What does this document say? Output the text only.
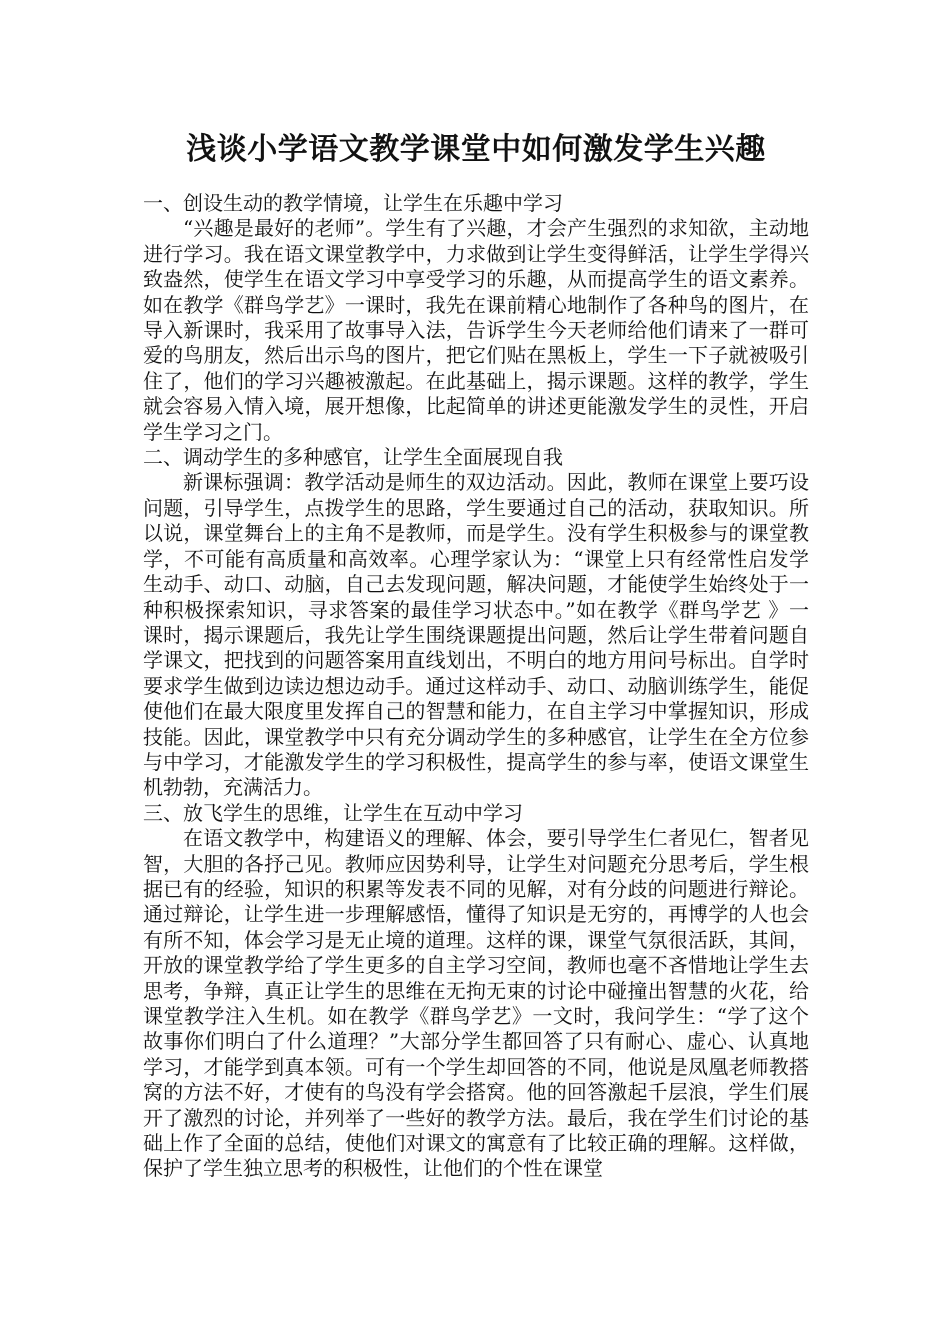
浅谈小学语文教学课堂中如何激发学生兴趣

一、创设生动的教学情境，让学生在乐趣中学习

“兴趣是最好的老师”。学生有了兴趣，才会产生强烈的求知欲，主动地进行学习。我在语文课堂教学中，力求做到让学生变得鲜活，让学生学得兴致盎然，使学生在语文学习中享受学习的乐趣，从而提高学生的语文素养。如在教学《群鸟学艺》一课时，我先在课前精心地制作了各种鸟的图片，在导入新课时，我采用了故事导入法，告诉学生今天老师给他们请来了一群可爱的鸟朋友，然后出示鸟的图片，把它们贴在黑板上，学生一下子就被吸引住了，他们的学习兴趣被激起。在此基础上，揭示课题。这样的教学，学生就会容易入情入境，展开想像，比起简单的讲述更能激发学生的灵性，开启学生学习之门。

二、调动学生的多种感官，让学生全面展现自我

新课标强调：教学活动是师生的双边活动。因此，教师在课堂上要巧设问题，引导学生，点拨学生的思路，学生要通过自己的活动，获取知识。所以说，课堂舞台上的主角不是教师，而是学生。没有学生积极参与的课堂教学，不可能有高质量和高效率。心理学家认为：“课堂上只有经常性启发学生动手、动口、动脑，自己去发现问题，解决问题，才能使学生始终处于一种积极探索知识，寻求答案的最佳学习状态中。”如在教学《群鸟学艺 》一课时，揭示课题后，我先让学生围绕课题提出问题，然后让学生带着问题自学课文，把找到的问题答案用直线划出，不明白的地方用问号标出。自学时要求学生做到边读边想边动手。通过这样动手、动口、动脑训练学生，能促使他们在最大限度里发挥自己的智慧和能力，在自主学习中掌握知识，形成技能。因此，课堂教学中只有充分调动学生的多种感官，让学生在全方位参与中学习，才能激发学生的学习积极性，提高学生的参与率，使语文课堂生机勃勃，充满活力。

三、放飞学生的思维，让学生在互动中学习

在语文教学中，构建语义的理解、体会，要引导学生仁者见仁，智者见智，大胆的各抒己见。教师应因势利导，让学生对问题充分思考后，学生根据已有的经验，知识的积累等发表不同的见解，对有分歧的问题进行辩论。通过辩论，让学生进一步理解感悟，懂得了知识是无穷的，再博学的人也会有所不知，体会学习是无止境的道理。这样的课，课堂气氛很活跃，其间，开放的课堂教学给了学生更多的自主学习空间，教师也毫不吝惜地让学生去思考，争辩，真正让学生的思维在无拘无束的讨论中碰撞出智慧的火花，给课堂教学注入生机。如在教学《群鸟学艺》一文时，我问学生：“学了这个故事你们明白了什么道理？”大部分学生都回答了只有耐心、虚心、认真地学习，才能学到真本领。可有一个学生却回答的不同，他说是凤凰老师教搭窝的方法不好，才使有的鸟没有学会搭窝。他的回答激起千层浪，学生们展开了激烈的讨论，并列举了一些好的教学方法。最后，我在学生们讨论的基础上作了全面的总结，使他们对课文的寓意有了比较正确的理解。这样做，保护了学生独立思考的积极性，让他们的个性在课堂
